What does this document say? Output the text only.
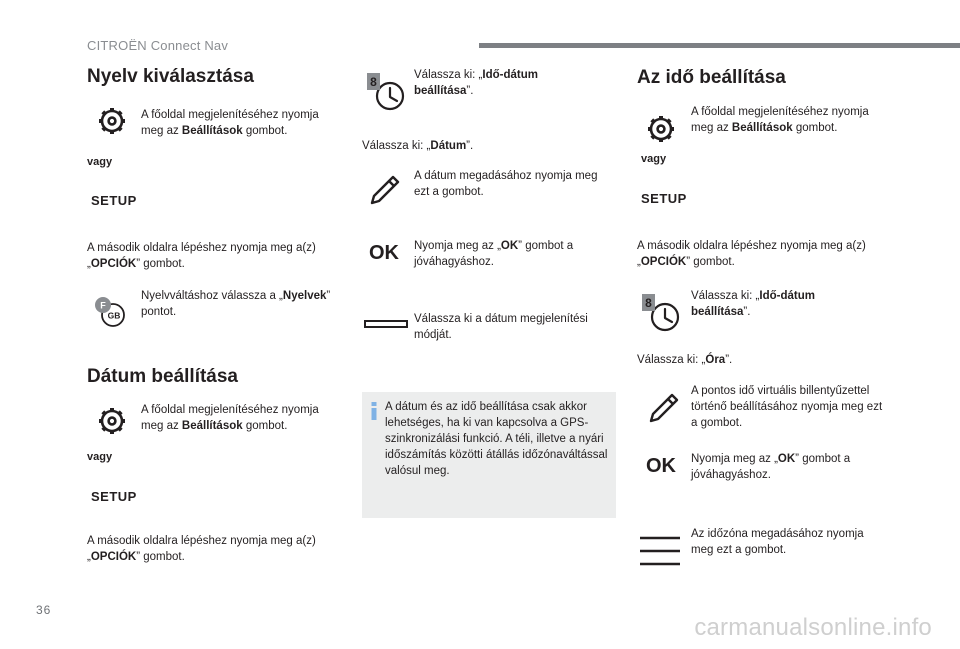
CITROËN Connect Nav
Nyelv kiválasztása
A főoldal megjelenítéséhez nyomja meg az Beállítások gombot.
vagy
SETUP
A második oldalra lépéshez nyomja meg a(z) „OPCIÓK” gombot.
F
GB
Nyelvváltáshoz válassza a „Nyelvek” pontot.
Dátum beállítása
A főoldal megjelenítéséhez nyomja meg az Beállítások gombot.
vagy
SETUP
A második oldalra lépéshez nyomja meg a(z) „OPCIÓK” gombot.
8	Válassza ki: „Idő-dátum beállítása”.
Válassza ki: „Dátum”.
A dátum megadásához nyomja meg ezt a gombot.
OK Nyomja meg az „OK” gombot a jóváhagyáshoz.
Válassza ki a dátum megjelenítési módját.
A dátum és az idő beállítása csak akkor lehetséges, ha ki van kapcsolva a GPS-szinkronizálási funkció. A téli, illetve a nyári időszámítás közötti átállás időzónaváltással valósul meg.
Az idő beállítása
A főoldal megjelenítéséhez nyomja meg az Beállítások gombot.
vagy
SETUP
A második oldalra lépéshez nyomja meg a(z) „OPCIÓK” gombot.
8	Válassza ki: „Idő-dátum beállítása”.
Válassza ki: „Óra”.
A pontos idő virtuális billentyűzettel történő beállításához nyomja meg ezt a gombot.
OK Nyomja meg az „OK” gombot a jóváhagyáshoz.
Az időzóna megadásához nyomja meg ezt a gombot.
36
carmanualsonline.info
